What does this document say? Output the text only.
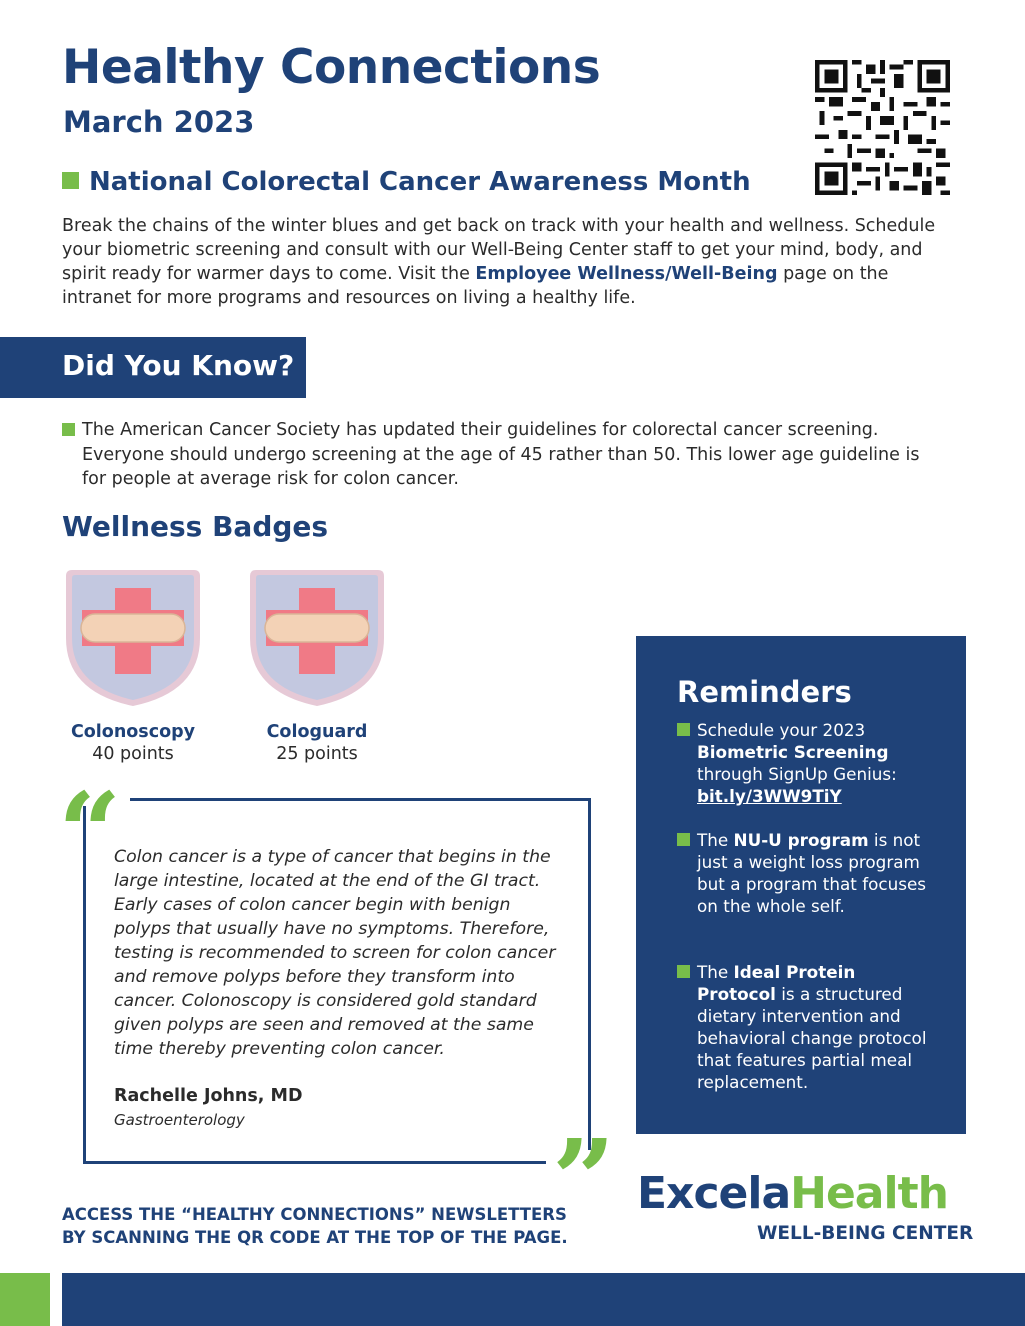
Healthy Connections
March 2023
National Colorectal Cancer Awareness Month
Break the chains of the winter blues and get back on track with your health and wellness. Schedule your biometric screening and consult with our Well-Being Center staff to get your mind, body, and spirit ready for warmer days to come. Visit the Employee Wellness/Well-Being page on the intranet for more programs and resources on living a healthy life.
Did You Know?

The American Cancer Society has updated their guidelines for colorectal cancer screening. Everyone should undergo screening at the age of 45 rather than 50. This lower age guideline is for people at average risk for colon cancer.

Wellness Badges
Colonoscopy
40 points
Cologuard
25 points
“
”
Colon cancer is a type of cancer that begins in the large intestine, located at the end of the GI tract. Early cases of colon cancer begin with benign polyps that usually have no symptoms. Therefore, testing is recommended to screen for colon cancer and remove polyps before they transform into cancer. Colonoscopy is considered gold standard given polyps are seen and removed at the same time thereby preventing colon cancer.
Rachelle Johns, MD
Gastroenterology
Reminders

Schedule your 2023 Biometric Screening through SignUp Genius: bit.ly/3WW9TiY

The NU-U program is not just a weight loss program but a program that focuses on the whole self.

The Ideal Protein Protocol is a structured dietary intervention and behavioral change protocol that features partial meal replacement.

ACCESS THE “HEALTHY CONNECTIONS” NEWSLETTERS
BY SCANNING THE QR CODE AT THE TOP OF THE PAGE.
ExcelaHealth
WELL-BEING CENTER
